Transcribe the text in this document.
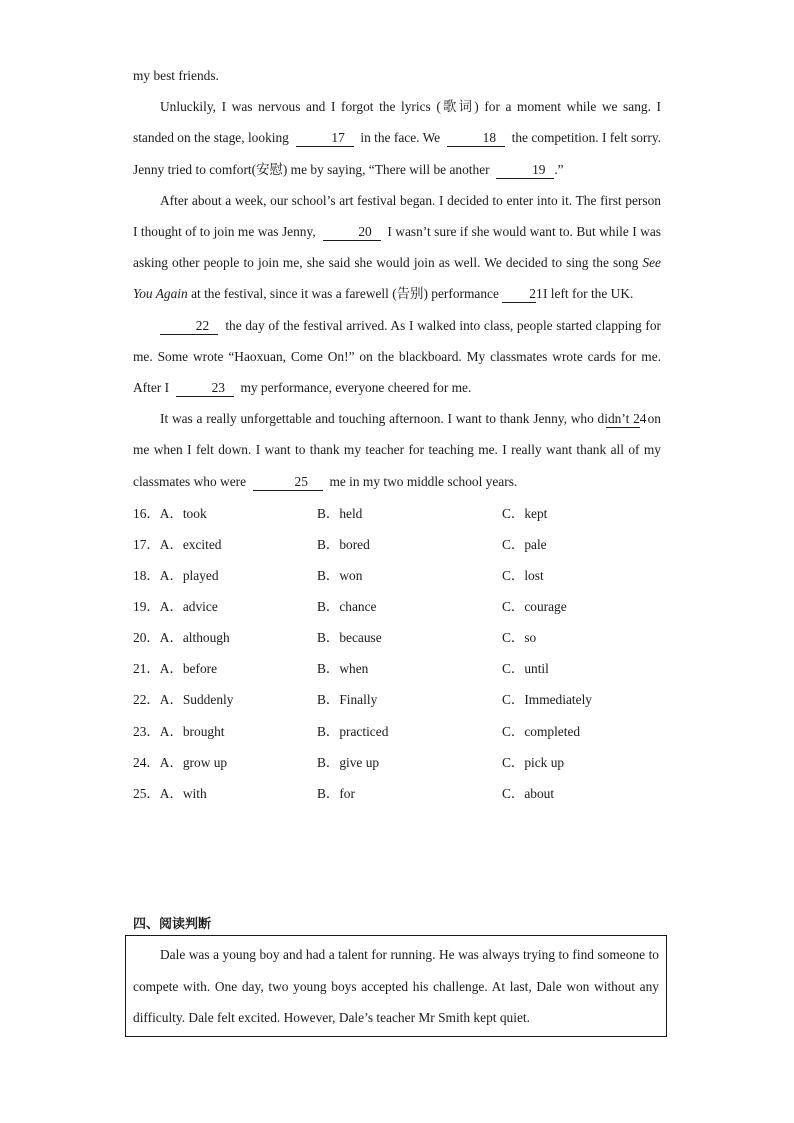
my best friends.

Unluckily, I was nervous and I forgot the lyrics (歌词) for a moment while we sang. I standed on the stage, looking	17 in the face. We	18 the competition. I felt sorry. Jenny tried to comfort(安慰) me by saying, “There will be another	19 .”

After about a week, our school’s art festival began. I decided to enter into it. The first person I thought of to join me was Jenny,	20 I wasn’t sure if she would want to. But while I was asking other people to join me, she said she would join as well. We decided to sing the song See You Again at the festival, since it was a farewell (告别) performance 21  I left for the UK.

22 the day of the festival arrived. As I walked into class, people started clapping for me. Some wrote “Haoxuan, Come On!” on the blackboard. My classmates wrote cards for me. After I	23 my performance, everyone cheered for me.

It was a really unforgettable and touching afternoon. I want to thank Jenny, who didn’t 24  on me when I felt down. I want to thank my teacher for teaching me. I really want thank all of my classmates who were	25 me in my two middle school years.

16．A．took	B．held	C．kept
17．A．excited	B．bored	C．pale
18．A．played	B．won	C．lost
19．A．advice	B．chance	C．courage
20．A．although	B．because	C．so
21．A．before	B．when	C．until
22．A．Suddenly	B．Finally	C．Immediately
23．A．brought	B．practiced	C．completed
24．A．grow up	B．give up	C．pick up
25．A．with	B．for	C．about
四、阅读判断

Dale was a young boy and had a talent for running. He was always trying to find someone to compete with. One day, two young boys accepted his challenge. At last, Dale won without any difficulty. Dale felt excited. However, Dale’s teacher Mr Smith kept quiet.
